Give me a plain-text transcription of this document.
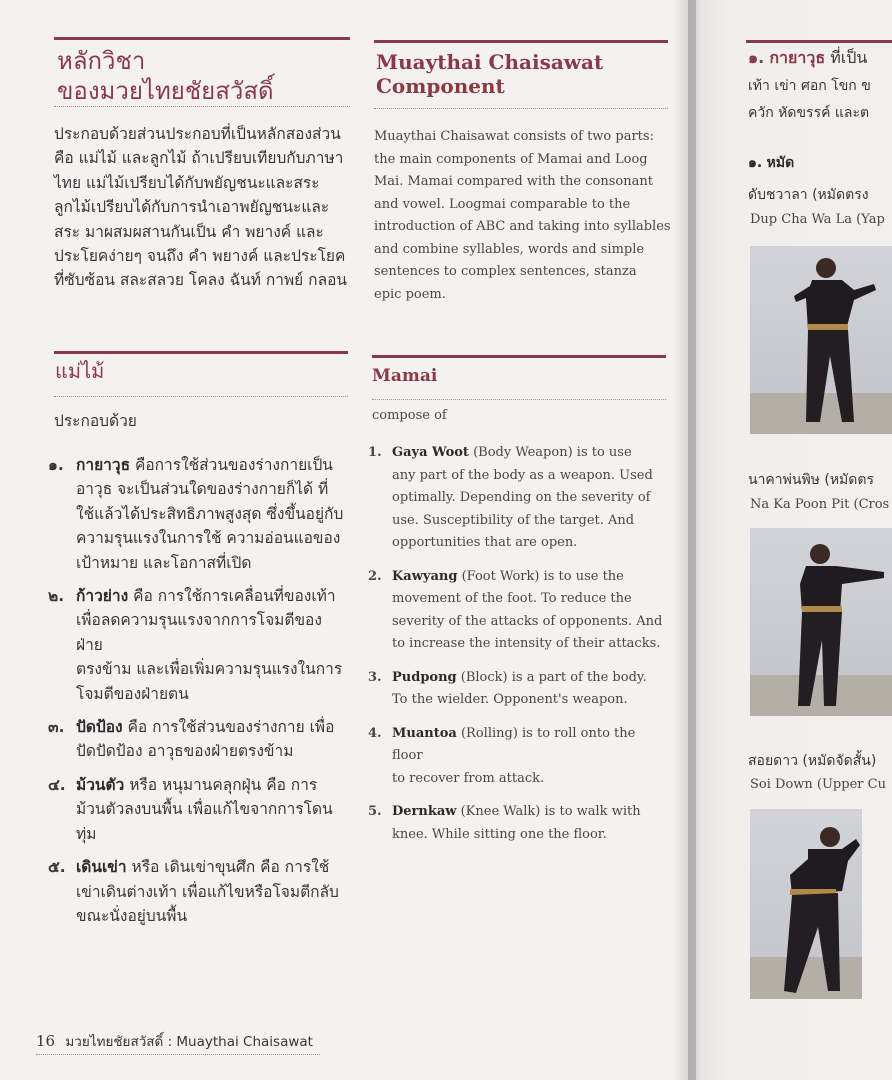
หลักวิชา
ของมวยไทยชัยสวัสดิ์
ประกอบด้วยส่วนประกอบที่เป็นหลักสองส่วน
คือ แม่ไม้ และลูกไม้ ถ้าเปรียบเทียบกับภาษา
ไทย แม่ไม้เปรียบได้กับพยัญชนะและสระ
ลูกไม้เปรียบได้กับการนำเอาพยัญชนะและ
สระ มาผสมผสานกันเป็น คำ พยางค์ และ
ประโยคง่ายๆ จนถึง คำ พยางค์ และประโยค
ที่ซับซ้อน สละสลวย โคลง ฉันท์ กาพย์ กลอน
แม่ไม้
ประกอบด้วย
๑. กายาวุธ คือการใช้ส่วนของร่างกายเป็น
อาวุธ จะเป็นส่วนใดของร่างกายก็ได้ ที่
ใช้แล้วได้ประสิทธิภาพสูงสุด ซึ่งขึ้นอยู่กับ
ความรุนแรงในการใช้ ความอ่อนแอของ
เป้าหมาย และโอกาสที่เปิด
๒. ก้าวย่าง คือ การใช้การเคลื่อนที่ของเท้า
เพื่อลดความรุนแรงจากการโจมตีของฝ่าย
ตรงข้าม และเพื่อเพิ่มความรุนแรงในการ
โจมตีของฝ่ายตน
๓. ปัดป้อง คือ การใช้ส่วนของร่างกาย เพื่อ
ปัดปัดป้อง อาวุธของฝ่ายตรงข้าม
๔. ม้วนตัว หรือ หนุมานคลุกฝุ่น คือ การ
ม้วนตัวลงบนพื้น เพื่อแก้ไขจากการโดน
ทุ่ม
๕. เดินเข่า หรือ เดินเข่าขุนศึก คือ การใช้
เข่าเดินต่างเท้า เพื่อแก้ไขหรือโจมตีกลับ
ขณะนั่งอยู่บนพื้น
Muaythai Chaisawat
Component
Muaythai Chaisawat consists of two parts:
the main components of Mamai and Loog
Mai. Mamai compared with the consonant
and vowel. Loogmai comparable to the
introduction of ABC and taking into syllables
and combine syllables, words and simple
sentences to complex sentences, stanza
epic poem.
Mamai
compose of
1. Gaya Woot (Body Weapon) is to use
any part of the body as a weapon. Used
optimally. Depending on the severity of
use. Susceptibility of the target. And
opportunities that are open.
2. Kawyang (Foot Work) is to use the
movement of the foot. To reduce the
severity of the attacks of opponents. And
to increase the intensity of their attacks.
3. Pudpong (Block) is a part of the body.
To the wielder. Opponent's weapon.
4. Muantoa (Rolling) is to roll onto the floor
to recover from attack.
5. Dernkaw (Knee Walk) is to walk with
knee. While sitting one the floor.
16 มวยไทยชัยสวัสดิ์ : Muaythai Chaisawat
๑. กายาวุธ ที่เป็น
เท้า เข่า ศอก โขก ข
ควัก หัดขรรค์ และต
๑. หมัด
ดับชวาลา (หมัดตรง
Dup Cha Wa La (Yap
นาคาพ่นพิษ (หมัดตร
Na Ka Poon Pit (Cros
สอยดาว (หมัดจัดสั้น)
Soi Down (Upper Cu
